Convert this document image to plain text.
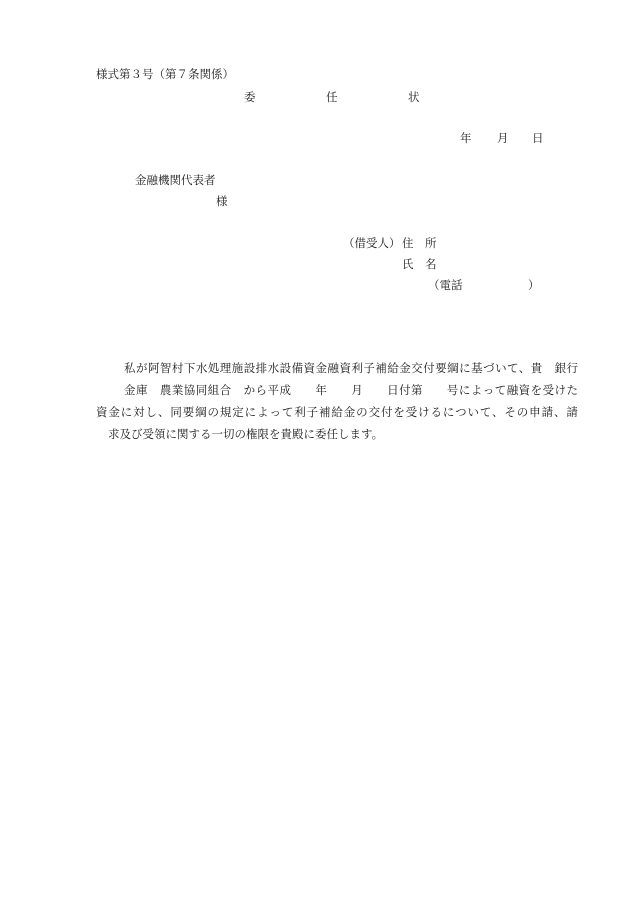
様式第３号（第７条関係）
委	任	状
年 月 日
金融機関代表者
様
（借受人） 住　所
氏　名
（電話	）
私が阿智村下水処理施設排水設備資金融資利子補給金交付要綱に基づいて、貴　銀行
金庫　農業協同組合　から平成　　年　　月　　日付第　　号によって融資を受けた
資金に対し、同要綱の規定によって利子補給金の交付を受けるについて、その申請、請
求及び受領に関する一切の権限を貴殿に委任します。
